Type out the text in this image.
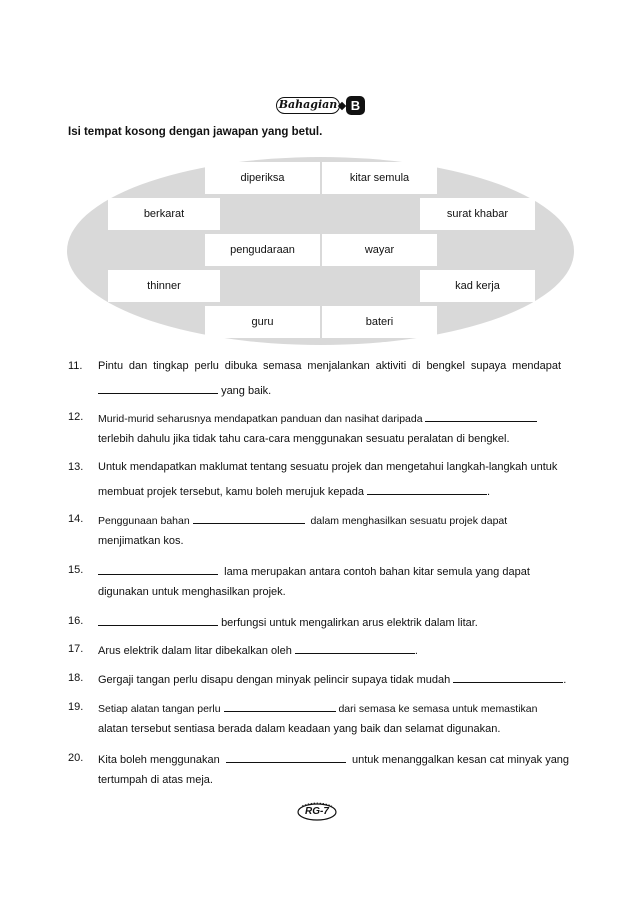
Bahagian	B
Isi tempat kosong dengan jawapan yang betul.
diperiksa	kitar semula
berkarat	surat khabar
pengudaraan	wayar
thinner	kad kerja
guru	bateri
11. Pintu dan tingkap perlu dibuka semasa menjalankan aktiviti di bengkel supaya mendapat
yang baik.
12. Murid-murid seharusnya mendapatkan panduan dan nasihat daripada
terlebih dahulu jika tidak tahu cara-cara menggunakan sesuatu peralatan di bengkel.
13. Untuk mendapatkan maklumat tentang sesuatu projek dan mengetahui langkah-langkah untuk
membuat projek tersebut, kamu boleh merujuk kepada	.
14. Penggunaan bahan	dalam menghasilkan sesuatu projek dapat
menjimatkan kos.
15.	lama merupakan antara contoh bahan kitar semula yang dapat
digunakan untuk menghasilkan projek.
16.	berfungsi untuk mengalirkan arus elektrik dalam litar.
17. Arus elektrik dalam litar dibekalkan oleh	.
18. Gergaji tangan perlu disapu dengan minyak pelincir supaya tidak mudah	.
19. Setiap alatan tangan perlu	dari semasa ke semasa untuk memastikan
alatan tersebut sentiasa berada dalam keadaan yang baik dan selamat digunakan.
20. Kita boleh menggunakan	untuk menanggalkan kesan cat minyak yang
tertumpah di atas meja.
RG-7
